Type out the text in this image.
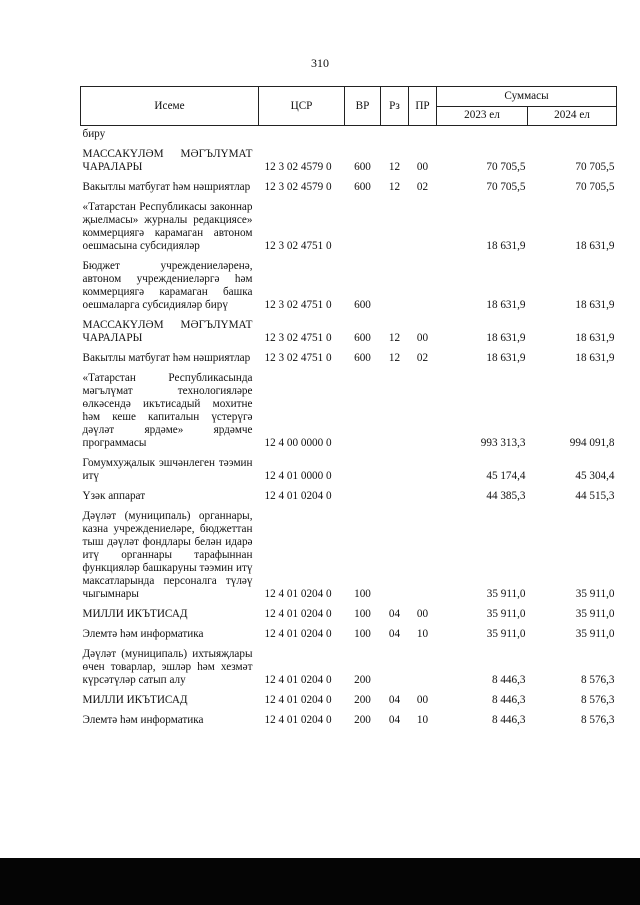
310
Исеме	ЦСР	ВР	Рз	ПР	Суммасы	
					2023 ел	2024 ел
биру						
МАССАКҮЛӘМ МӘГЪЛҮМАТ ЧАРАЛАРЫ	12 3 02 4579 0	600	12	00	70 705,5	70 705,5
Вакытлы матбугат һәм нәшриятлар	12 3 02 4579 0	600	12	02	70 705,5	70 705,5
«Татарстан Республикасы законнар җыелмасы» журналы редакциясе» коммерциягә карамаган автоном оешмасына субсидияләр	12 3 02 4751 0				18 631,9	18 631,9
Бюджет учреждениеләренә, автоном учреждениеләргә һәм коммерциягә карамаган башка оешмаларга субсидияләр бирү	12 3 02 4751 0	600			18 631,9	18 631,9
МАССАКҮЛӘМ МӘГЪЛҮМАТ ЧАРАЛАРЫ	12 3 02 4751 0	600	12	00	18 631,9	18 631,9
Вакытлы матбугат һәм нәшриятлар	12 3 02 4751 0	600	12	02	18 631,9	18 631,9
«Татарстан Республикасында мәгълүмат технологияләре өлкәсендә икътисадый мохитне һәм кеше капиталын үстерүгә дәүләт ярдәме» ярдәмче программасы	12 4 00 0000 0				993 313,3	994 091,8
Гомумхуҗалык эшчәнлеген тәэмин итү	12 4 01 0000 0				45 174,4	45 304,4
Үзәк аппарат	12 4 01 0204 0				44 385,3	44 515,3
Дәүләт (муниципаль) органнары, казна учреждениеләре, бюджеттан тыш дәүләт фондлары белән идарә итү органнары тарафыннан функцияләр башкаруны тәэмин итү максатларында персоналга түләү чыгымнары	12 4 01 0204 0	100			35 911,0	35 911,0
МИЛЛИ ИКЪТИСАД	12 4 01 0204 0	100	04	00	35 911,0	35 911,0
Элемтә һәм информатика	12 4 01 0204 0	100	04	10	35 911,0	35 911,0
Дәүләт (муниципаль) ихтыяҗлары өчен товарлар, эшләр һәм хезмәт күрсәтүләр сатып алу	12 4 01 0204 0	200			8 446,3	8 576,3
МИЛЛИ ИКЪТИСАД	12 4 01 0204 0	200	04	00	8 446,3	8 576,3
Элемтә һәм информатика	12 4 01 0204 0	200	04	10	8 446,3	8 576,3
